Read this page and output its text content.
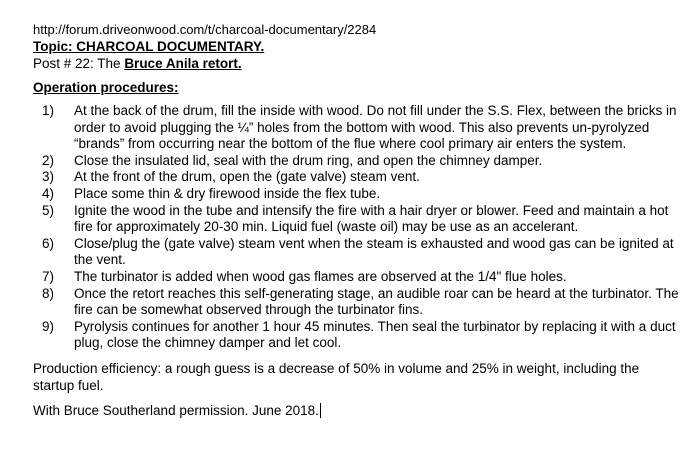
http://forum.driveonwood.com/t/charcoal-documentary/2284

Topic: CHARCOAL DOCUMENTARY.

Post # 22: The Bruce Anila retort.

Operation procedures:

1)	At the back of the drum, fill the inside with wood. Do not fill under the S.S. Flex, between the bricks in order to avoid plugging the ¼” holes from the bottom with wood. This also prevents un-pyrolyzed “brands” from occurring near the bottom of the flue where cool primary air enters the system.
2)	Close the insulated lid, seal with the drum ring, and open the chimney damper.
3)	At the front of the drum, open the (gate valve) steam vent.
4)	Place some thin & dry firewood inside the flex tube.
5)	Ignite the wood in the tube and intensify the fire with a hair dryer or blower. Feed and maintain a hot fire for approximately 20-30 min. Liquid fuel (waste oil) may be use as an accelerant.
6)	Close/plug the (gate valve) steam vent when the steam is exhausted and wood gas can be ignited at the vent.
7)	The turbinator is added when wood gas flames are observed at the 1/4" flue holes.
8)	Once the retort reaches this self-generating stage, an audible roar can be heard at the turbinator. The fire can be somewhat observed through the turbinator fins.
9)	Pyrolysis continues for another 1 hour 45 minutes. Then seal the turbinator by replacing it with a duct plug, close the chimney damper and let cool.

Production efficiency: a rough guess is a decrease of 50% in volume and 25% in weight, including the startup fuel.

With Bruce Southerland permission. June 2018.
